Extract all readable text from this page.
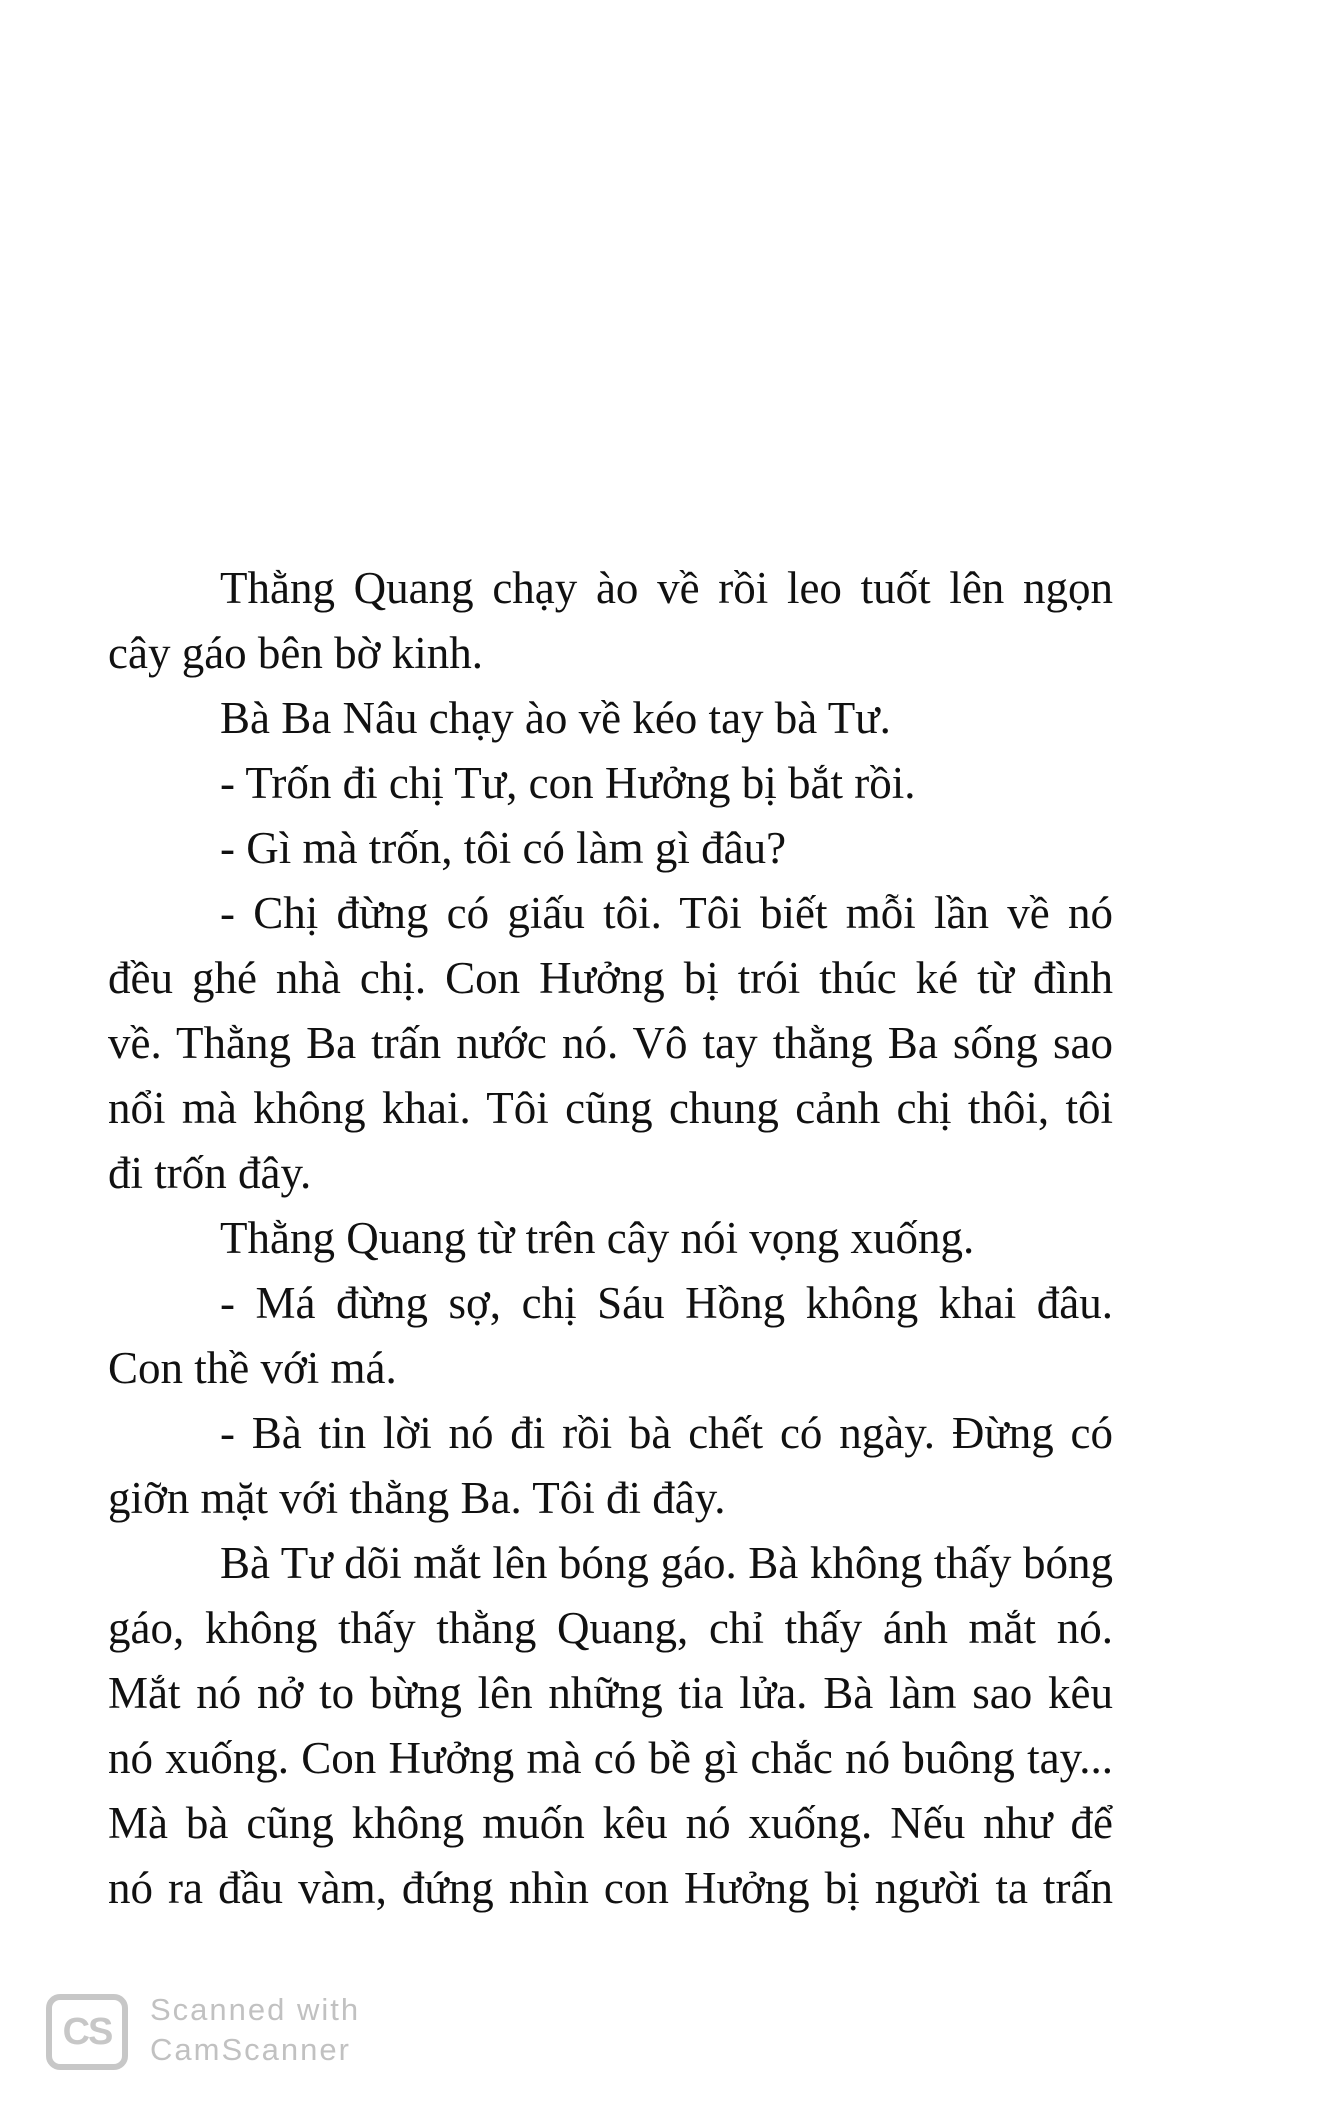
Thằng Quang chạy ào về rồi leo tuốt lên ngọn
cây gáo bên bờ kinh.
Bà Ba Nâu chạy ào về kéo tay bà Tư.
- Trốn đi chị Tư, con Hưởng bị bắt rồi.
- Gì mà trốn, tôi có làm gì đâu?
- Chị đừng có giấu tôi. Tôi biết mỗi lần về nó
đều ghé nhà chị. Con Hưởng bị trói thúc ké từ đình
về. Thằng Ba trấn nước nó. Vô tay thằng Ba sống sao
nổi mà không khai. Tôi cũng chung cảnh chị thôi, tôi
đi trốn đây.
Thằng Quang từ trên cây nói vọng xuống.
- Má đừng sợ, chị Sáu Hồng không khai đâu.
Con thề với má.
- Bà tin lời nó đi rồi bà chết có ngày. Đừng có
giỡn mặt với thằng Ba. Tôi đi đây.
Bà Tư dõi mắt lên bóng gáo. Bà không thấy bóng
gáo, không thấy thằng Quang, chỉ thấy ánh mắt nó.
Mắt nó nở to bừng lên những tia lửa. Bà làm sao kêu
nó xuống. Con Hưởng mà có bề gì chắc nó buông tay...
Mà bà cũng không muốn kêu nó xuống. Nếu như để
nó ra đầu vàm, đứng nhìn con Hưởng bị người ta trấn
CS
Scanned with
CamScanner
